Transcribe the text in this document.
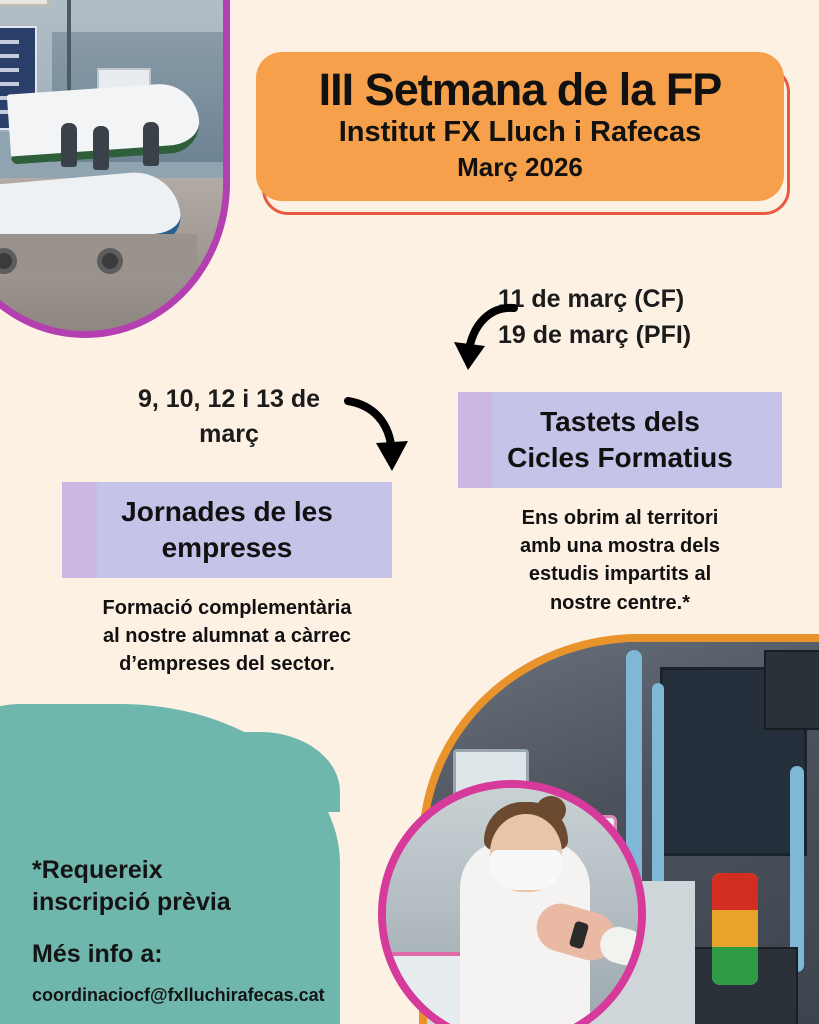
III Setmana de la FP
Institut FX Lluch i Rafecas
Març 2026
11 de març (CF)
19 de març (PFI)
9, 10, 12 i 13 de
març
Jornades de les
empreses
Formació complementària
al nostre alumnat a càrrec
d’empreses del sector.
Tastets dels
Cicles Formatius
Ens obrim al territori
amb una mostra dels
estudis impartits al
nostre centre.*
*Requereix
inscripció prèvia
Més info a:
coordinaciocf@fxlluchirafecas.cat
